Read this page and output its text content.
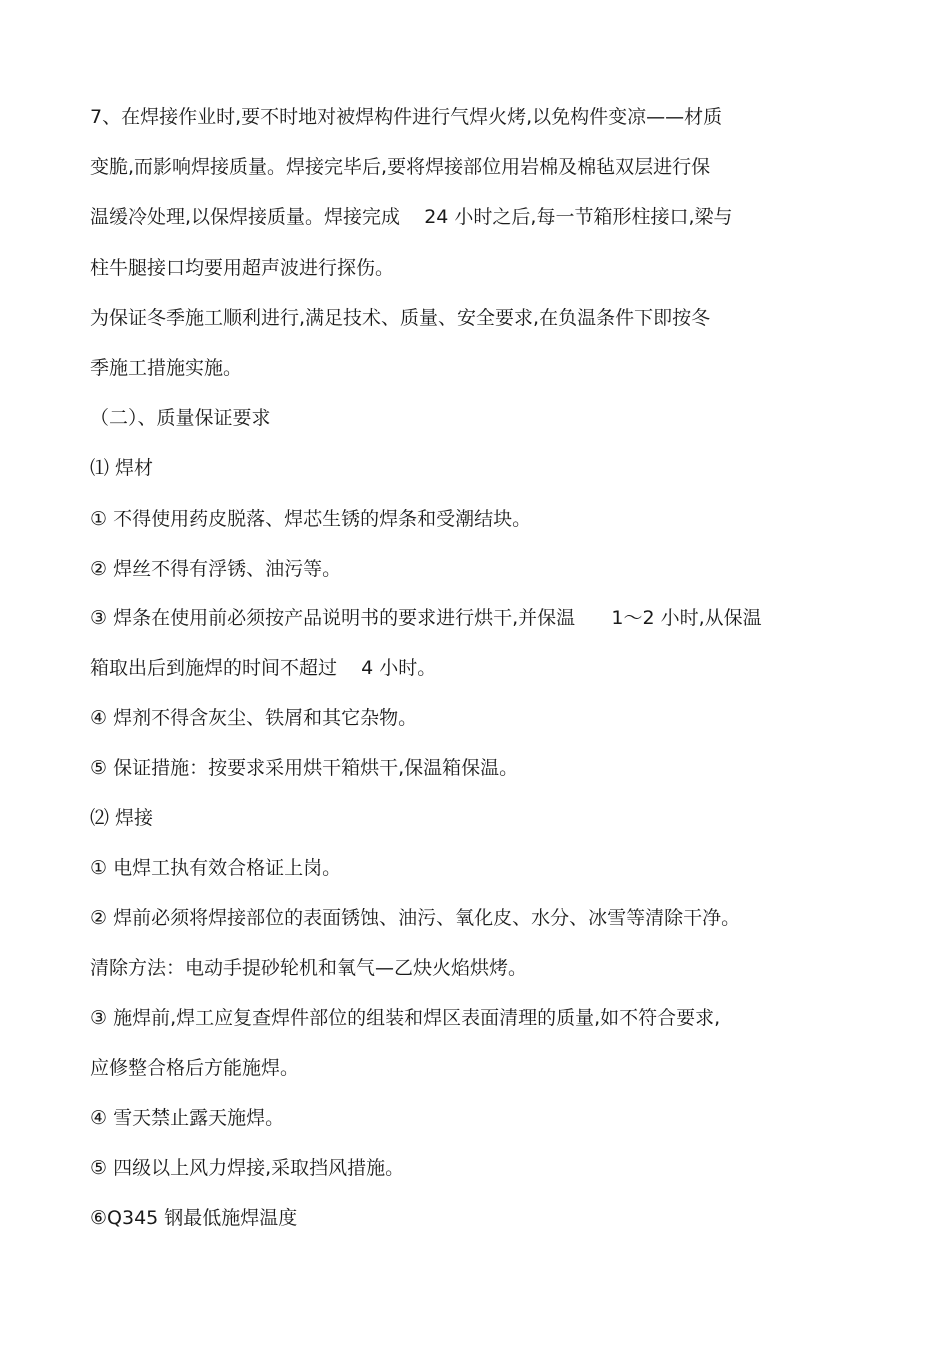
7、在焊接作业时,要不时地对被焊构件进行气焊火烤,以免构件变凉——材质
变脆,而影响焊接质量。焊接完毕后,要将焊接部位用岩棉及棉毡双层进行保
温缓冷处理,以保焊接质量。焊接完成    24 小时之后,每一节箱形柱接口,梁与
柱牛腿接口均要用超声波进行探伤。
为保证冬季施工顺利进行,满足技术、质量、安全要求,在负温条件下即按冬
季施工措施实施。
（二）、质量保证要求
⑴ 焊材
① 不得使用药皮脱落、焊芯生锈的焊条和受潮结块。
② 焊丝不得有浮锈、油污等。
③ 焊条在使用前必须按产品说明书的要求进行烘干,并保温      1～2 小时,从保温
箱取出后到施焊的时间不超过    4 小时。
④ 焊剂不得含灰尘、铁屑和其它杂物。
⑤ 保证措施：按要求采用烘干箱烘干,保温箱保温。
⑵ 焊接
① 电焊工执有效合格证上岗。
② 焊前必须将焊接部位的表面锈蚀、油污、氧化皮、水分、冰雪等清除干净。
清除方法：电动手提砂轮机和氧气—乙炔火焰烘烤。
③ 施焊前,焊工应复查焊件部位的组装和焊区表面清理的质量,如不符合要求,
应修整合格后方能施焊。
④ 雪天禁止露天施焊。
⑤ 四级以上风力焊接,采取挡风措施。
⑥Q345 钢最低施焊温度
